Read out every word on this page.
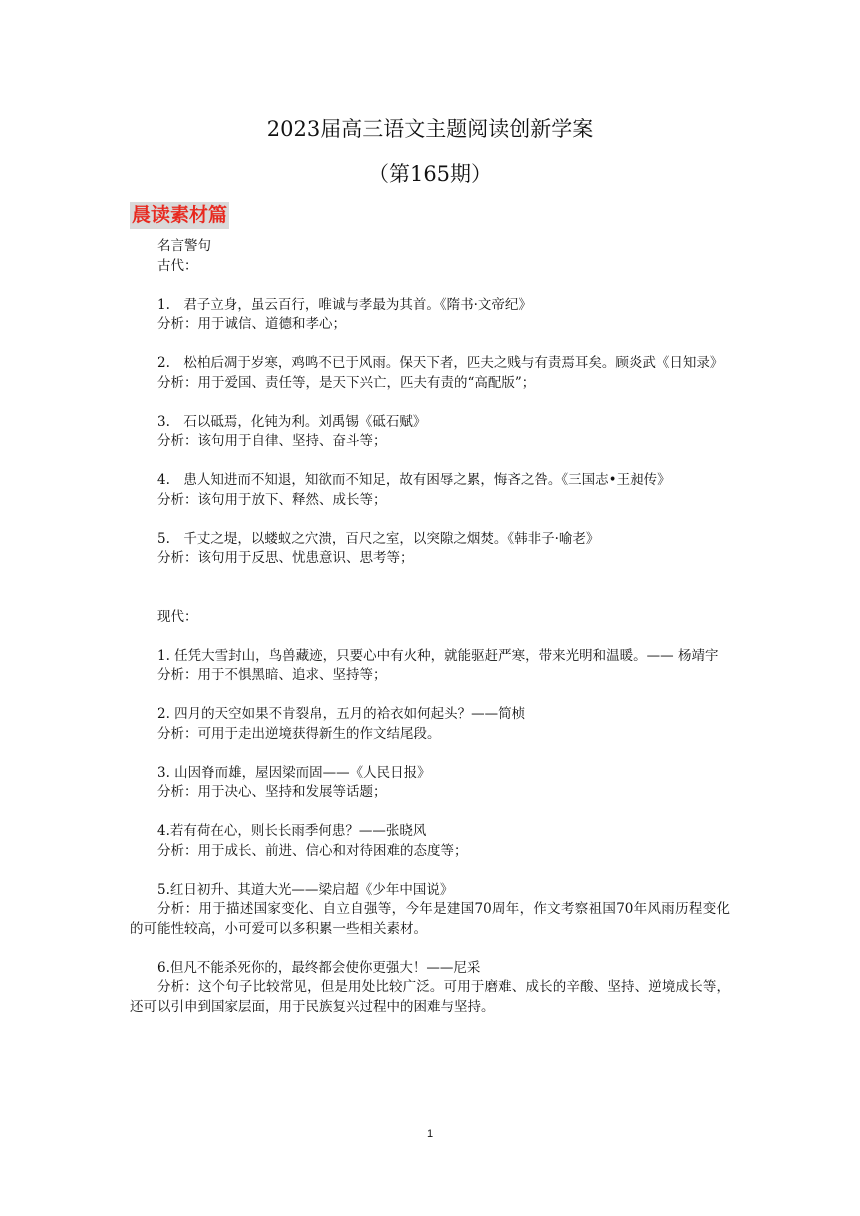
2023届高三语文主题阅读创新学案
（第165期）
晨读素材篇

名言警句

古代：

1.　君子立身，虽云百行，唯诚与孝最为其首。《隋书·文帝纪》

分析：用于诚信、道德和孝心；

2.　松柏后凋于岁寒，鸡鸣不已于风雨。保天下者，匹夫之贱与有责焉耳矣。顾炎武《日知录》

分析：用于爱国、责任等，是天下兴亡，匹夫有责的“高配版”；

3.　石以砥焉，化钝为利。刘禹锡《砥石赋》

分析：该句用于自律、坚持、奋斗等；

4.　患人知进而不知退，知欲而不知足，故有困辱之累，悔吝之咎。《三国志•王昶传》

分析：该句用于放下、释然、成长等；

5.　千丈之堤，以蝼蚁之穴溃，百尺之室，以突隙之烟焚。《韩非子·喻老》

分析：该句用于反思、忧患意识、思考等；

现代：

1. 任凭大雪封山，鸟兽藏迹，只要心中有火种，就能驱赶严寒，带来光明和温暖。—— 杨靖宇

分析：用于不惧黑暗、追求、坚持等；

2. 四月的天空如果不肯裂帛，五月的袷衣如何起头？——简桢

分析：可用于走出逆境获得新生的作文结尾段。

3. 山因脊而雄，屋因梁而固——《人民日报》

分析：用于决心、坚持和发展等话题；

4.若有荷在心，则长长雨季何患？——张晓风

分析：用于成长、前进、信心和对待困难的态度等；

5.红日初升、其道大光——梁启超《少年中国说》

分析：用于描述国家变化、自立自强等，今年是建国70周年，作文考察祖国70年风雨历程变化的可能性较高，小可爱可以多积累一些相关素材。

6.但凡不能杀死你的，最终都会使你更强大！——尼采

分析：这个句子比较常见，但是用处比较广泛。可用于磨难、成长的辛酸、坚持、逆境成长等，还可以引申到国家层面，用于民族复兴过程中的困难与坚持。

1
